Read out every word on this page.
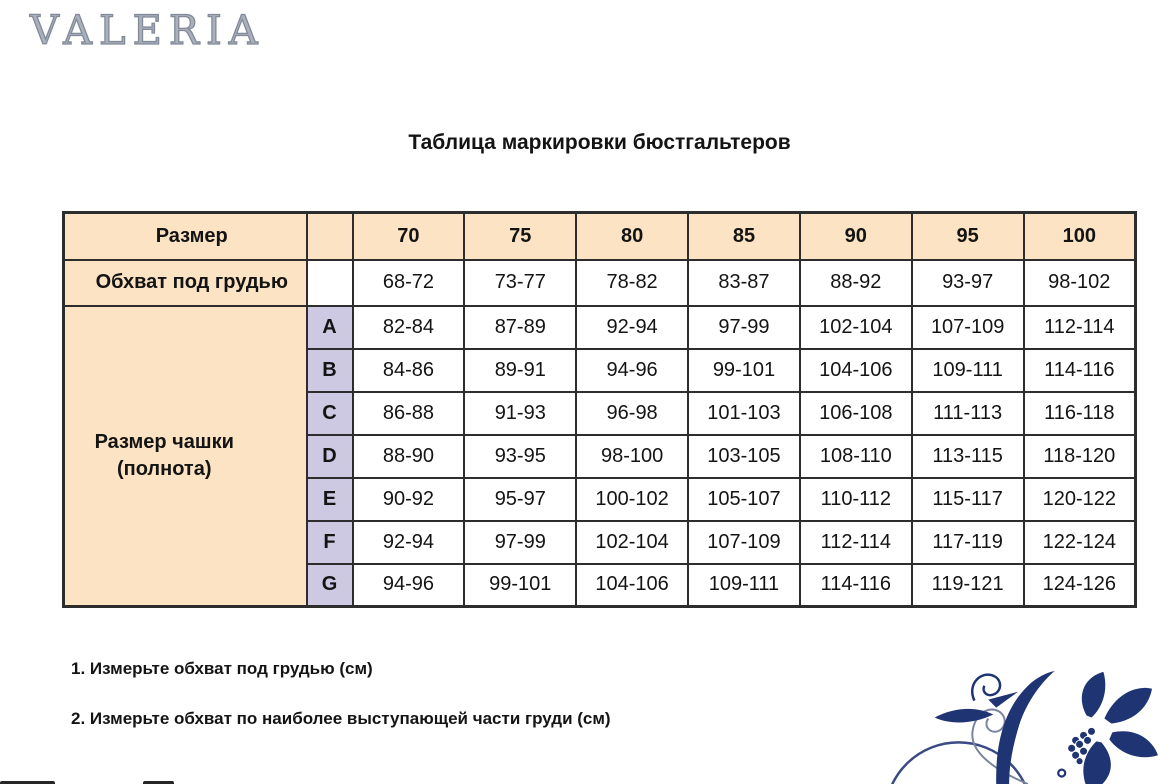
VALERIA
Таблица маркировки бюстгальтеров
Размер		70	75	80	85	90	95	100
Обхват под грудью		68-72	73-77	78-82	83-87	88-92	93-97	98-102
Размер чашки (полнота)	A	82-84	87-89	92-94	97-99	102-104	107-109	112-114
	B	84-86	89-91	94-96	99-101	104-106	109-111	114-116
	C	86-88	91-93	96-98	101-103	106-108	111-113	116-118
	D	88-90	93-95	98-100	103-105	108-110	113-115	118-120
	E	90-92	95-97	100-102	105-107	110-112	115-117	120-122
	F	92-94	97-99	102-104	107-109	112-114	117-119	122-124
	G	94-96	99-101	104-106	109-111	114-116	119-121	124-126
1. Измерьте обхват под грудью (см)
2. Измерьте обхват по наиболее выступающей части груди (см)
